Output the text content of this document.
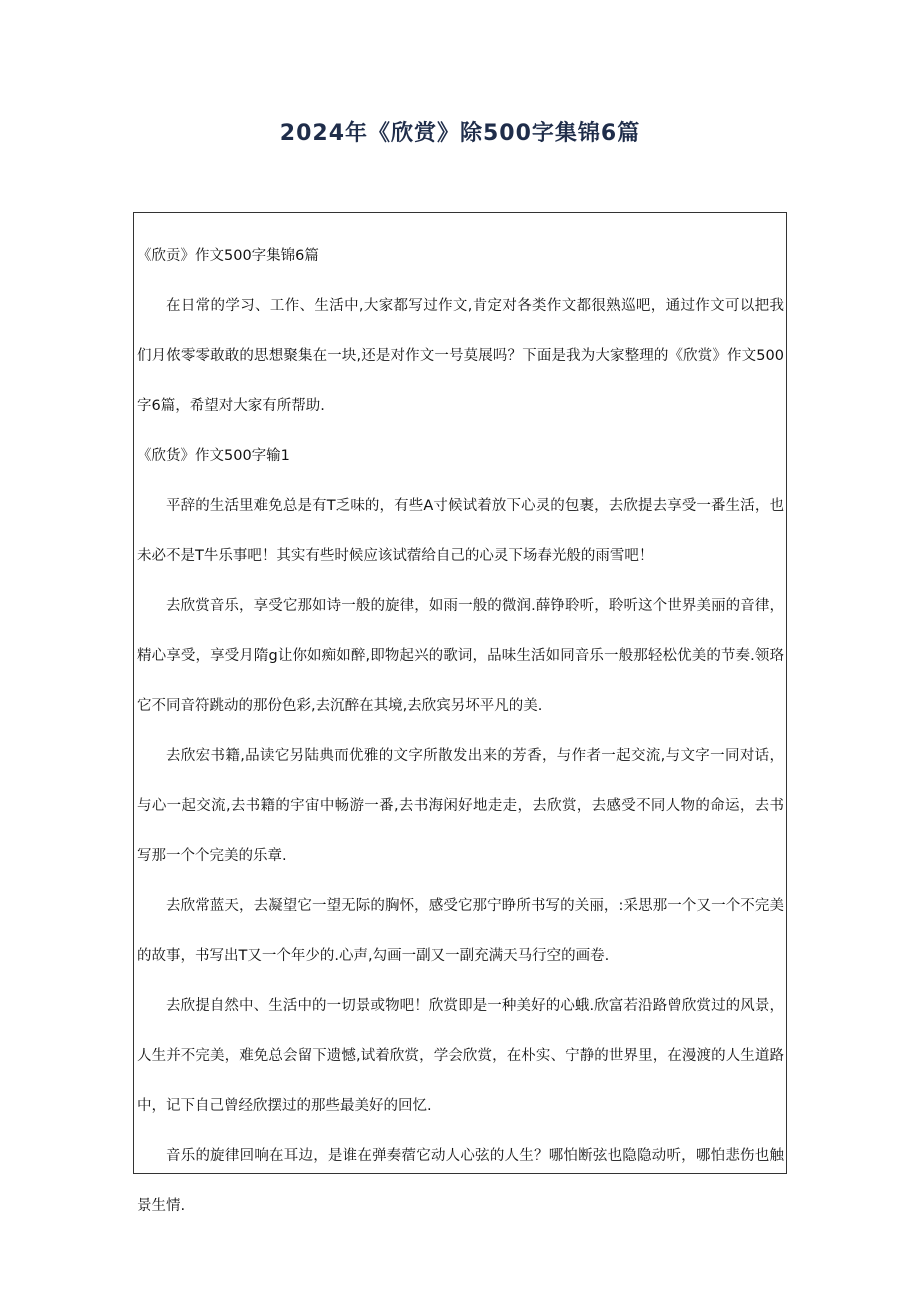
2024年《欣赏》除500字集锦6篇

《欣贡》作文500字集锦6篇

在日常的学习、工作、生活中,大家都写过作文,肯定对各类作文都很熟巡吧，通过作文可以把我们月侬零零敢敢的思想聚集在一块,还是对作文一号莫展吗？下面是我为大家整理的《欣赏》作文500字6篇，希望对大家有所帮助.

《欣货》作文500字输1

平辞的生活里难免总是有T乏味的，有些A寸候试着放下心灵的包裹，去欣提去享受一番生活，也未必不是T牛乐事吧！其实有些时候应该试蓿给自己的心灵下场春光般的雨雪吧！

去欣赏音乐，享受它那如诗一般的旋律，如雨一般的微润.薛铮聆听，聆听这个世界美丽的音律，精心享受，享受月隋g让你如痴如醉,即物起兴的歌词，品味生活如同音乐一般那轻松优美的节奏.领珞它不同音符跳动的那份色彩,去沉醉在其境,去欣宾另坏平凡的美.

去欣宏书籍,品读它另陆典而优雅的文字所散发出来的芳香，与作者一起交流,与文字一同对话，与心一起交流,去书籍的宇宙中畅游一番,去书海闲好地走走，去欣赏，去感受不同人物的命运，去书写那一个个完美的乐章.

去欣常蓝天，去凝望它一望无际的胸怀，感受它那宁睁所书写的关丽，:采思那一个又一个不完美的故事，书写出T又一个年少的.心声,勾画一副又一副充满天马行空的画卷.

去欣提自然中、生活中的一切景或物吧！欣赏即是一种美好的心蛾.欣富若沿路曾欣赏过的风景，人生并不完美，难免总会留下遗憾,试着欣赏，学会欣赏，在朴实、宁静的世界里，在漫渡的人生道路中，记下自己曾经欣摆过的那些最美好的回忆.

音乐的旋律回响在耳边，是谁在弹奏蓿它动人心弦的人生？哪怕断弦也隐隐动听，哪怕悲伤也触景生情.
